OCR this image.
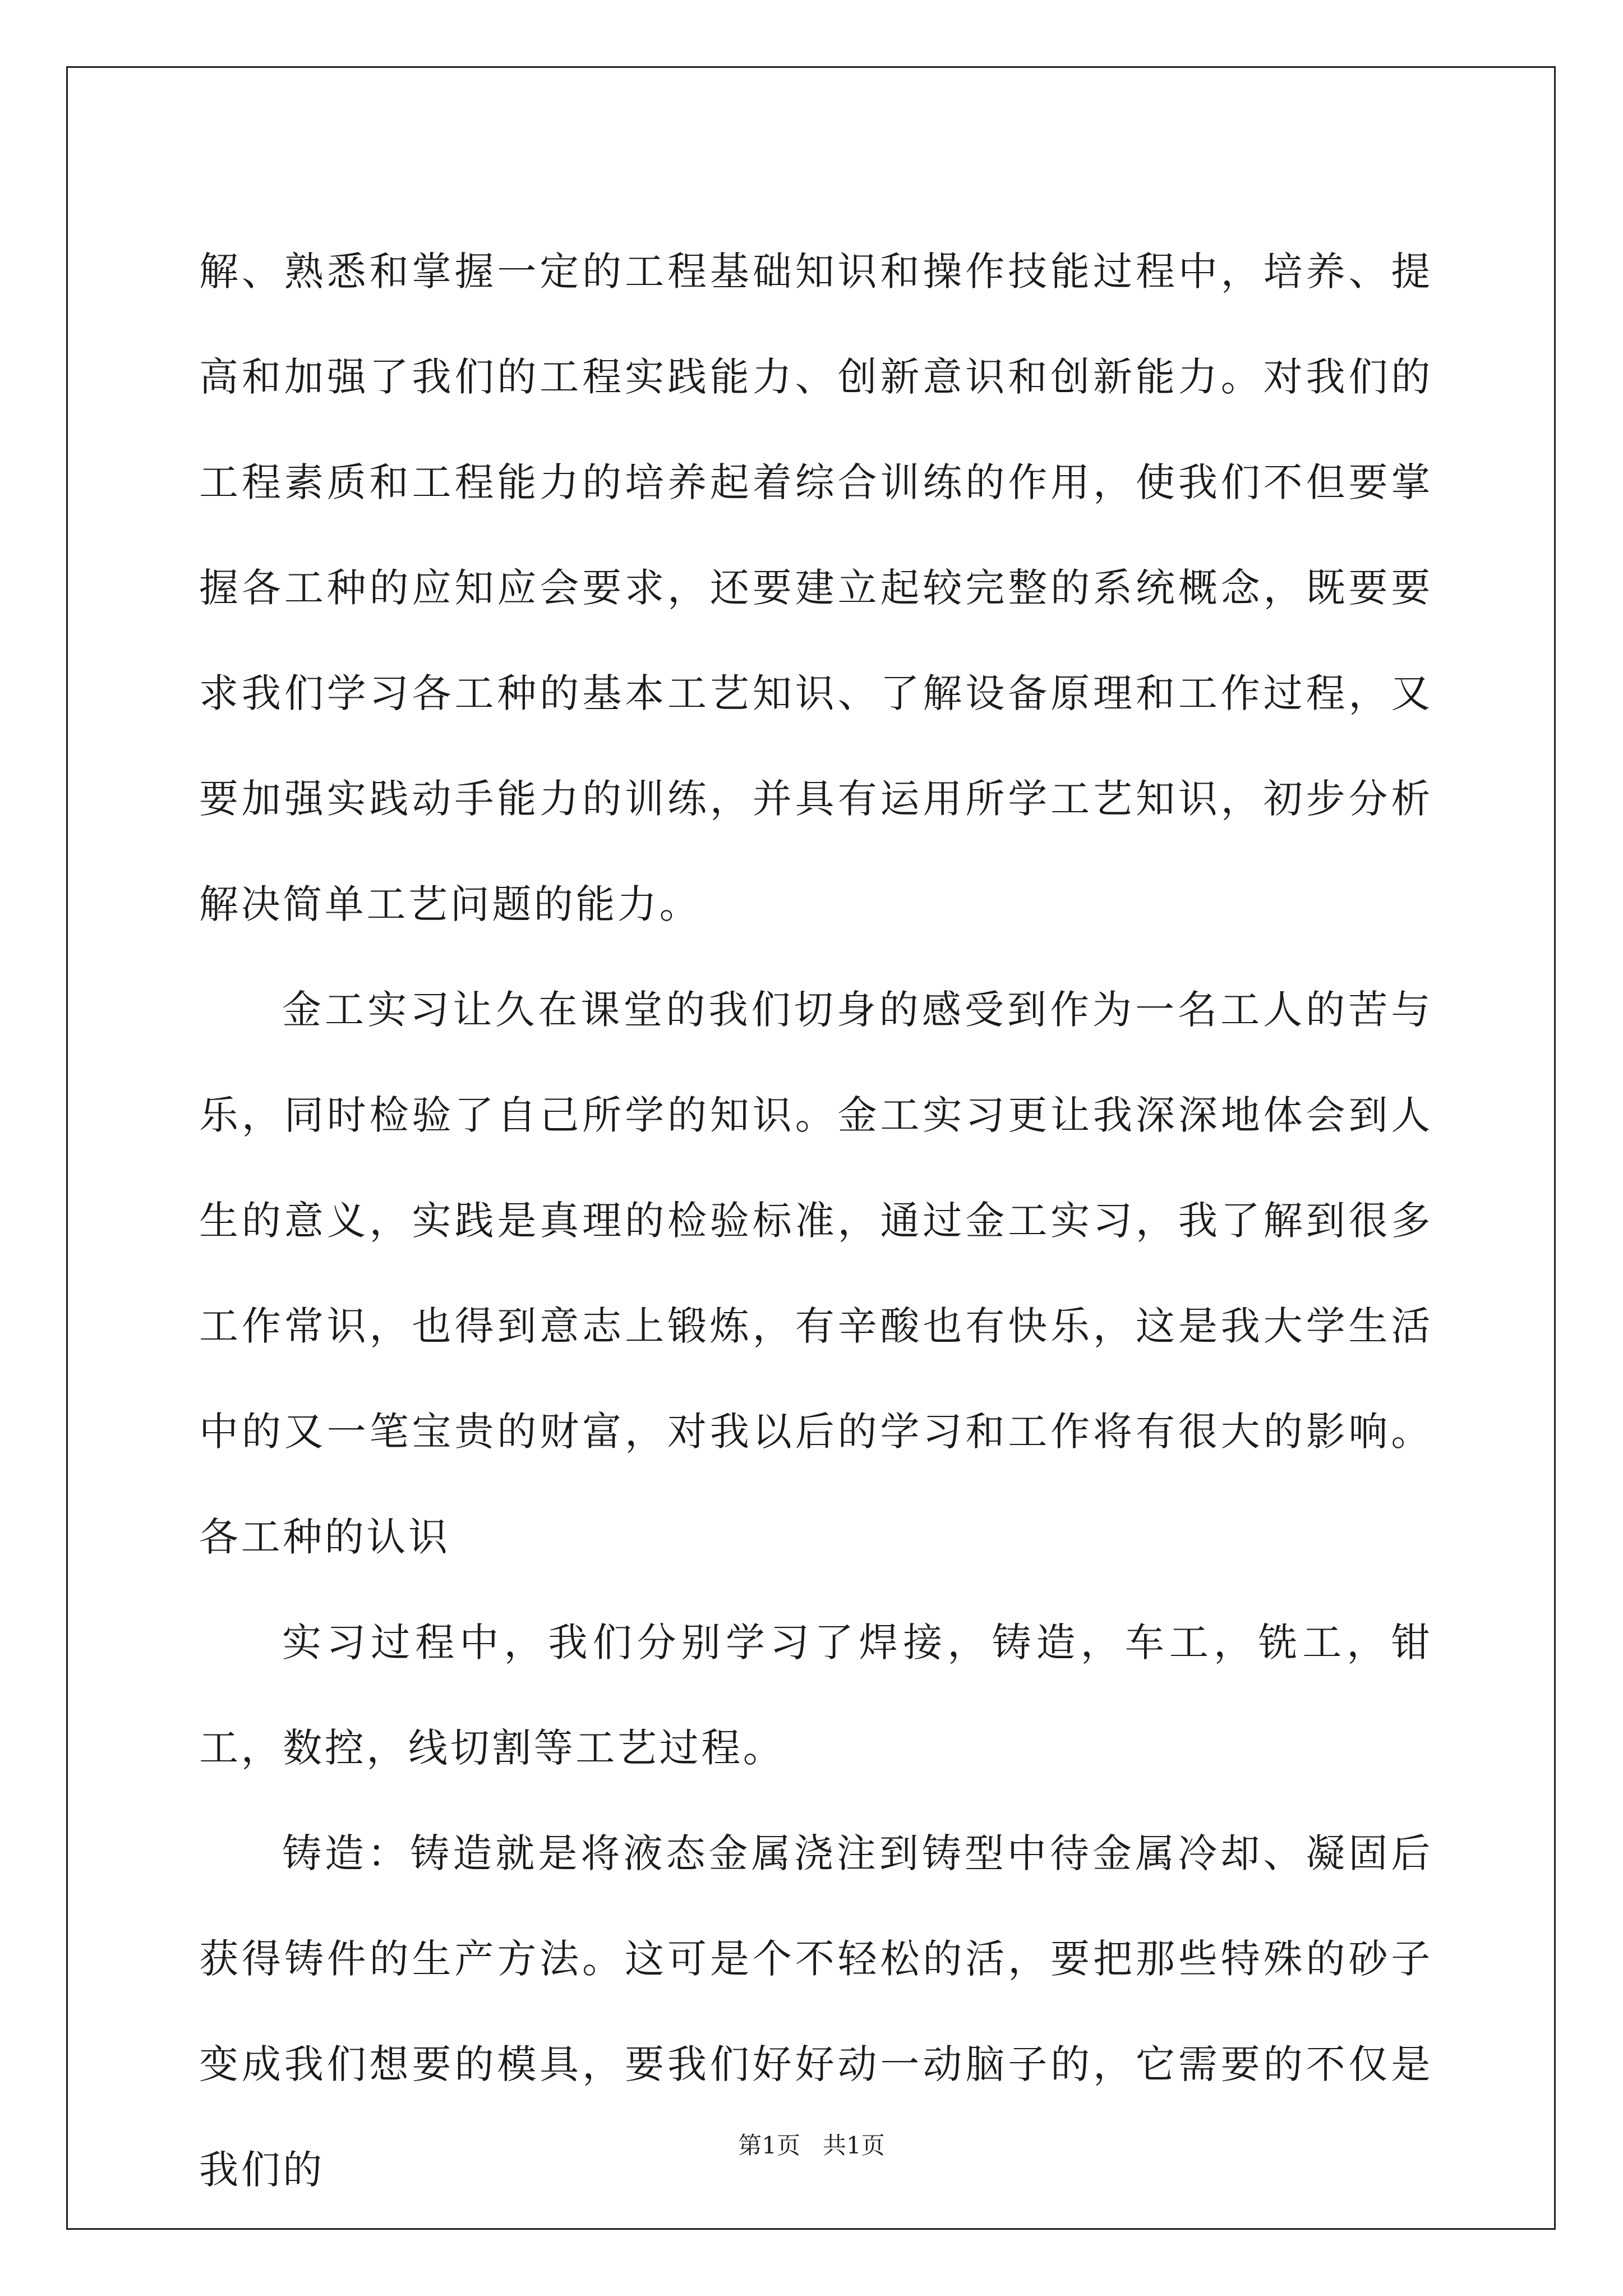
解、熟悉和掌握一定的工程基础知识和操作技能过程中，培养、提高和加强了我们的工程实践能力、创新意识和创新能力。对我们的工程素质和工程能力的培养起着综合训练的作用，使我们不但要掌握各工种的应知应会要求，还要建立起较完整的系统概念，既要要求我们学习各工种的基本工艺知识、了解设备原理和工作过程，又要加强实践动手能力的训练，并具有运用所学工艺知识，初步分析解决简单工艺问题的能力。

金工实习让久在课堂的我们切身的感受到作为一名工人的苦与乐，同时检验了自己所学的知识。金工实习更让我深深地体会到人生的意义，实践是真理的检验标准，通过金工实习，我了解到很多工作常识，也得到意志上锻炼，有辛酸也有快乐，这是我大学生活中的又一笔宝贵的财富，对我以后的学习和工作将有很大的影响。 各工种的认识

实习过程中，我们分别学习了焊接，铸造，车工，铣工，钳工，数控，线切割等工艺过程。

铸造：铸造就是将液态金属浇注到铸型中待金属冷却、凝固后获得铸件的生产方法。这可是个不轻松的活，要把那些特殊的砂子变成我们想要的模具，要我们好好动一动脑子的，它需要的不仅是我们的

第1页 共1页
